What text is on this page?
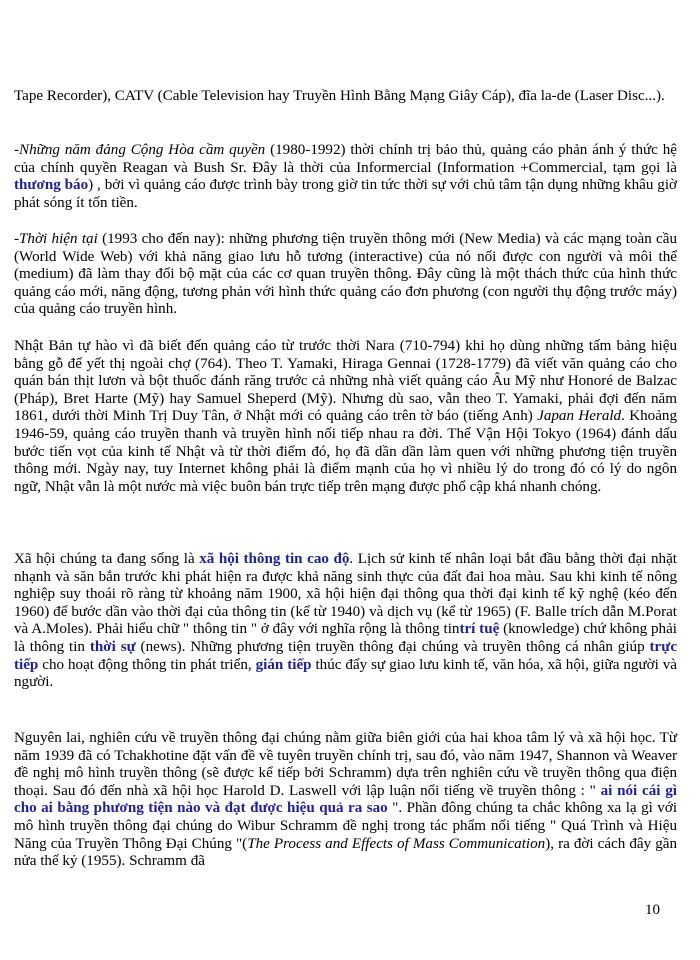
Tape Recorder), CATV (Cable Television hay Truyền Hình Bằng Mạng Giây Cáp), đĩa la-de (Laser Disc...).

-Những năm đảng Cộng Hòa cầm quyền (1980-1992) thời chính trị bảo thủ, quảng cáo phản ánh ý thức hệ của chính quyền Reagan và Bush Sr. Đây là thời của Informercial (Information +Commercial, tạm gọi là thương báo) , bởi vì quảng cáo được trình bày trong giờ tin tức thời sự với chủ tâm tận dụng những khâu giờ phát sóng ít tốn tiền.

-Thời hiện tại (1993 cho đến nay): những phương tiện truyền thông mới (New Media) và các mạng toàn cầu (World Wide Web) với khả năng giao lưu hỗ tương (interactive) của nó nối được con người và môi thể (medium) đã làm thay đổi bộ mặt của các cơ quan truyền thông. Đây cũng là một thách thức của hình thức quảng cáo mới, năng động, tương phản với hình thức quảng cáo đơn phương (con người thụ động trước máy) của quảng cáo truyền hình.

Nhật Bản tự hào vì đã biết đến quảng cáo từ trước thời Nara (710-794) khi họ dùng những tấm bảng hiệu bằng gỗ để yết thị ngoài chợ (764). Theo T. Yamaki, Hiraga Gennai (1728-1779) đã viết văn quảng cáo cho quán bán thịt lươn và bột thuốc đánh răng trước cả những nhà viết quảng cáo Âu Mỹ như Honoré de Balzac (Pháp), Bret Harte (Mỹ) hay Samuel Sheperd (Mỹ). Nhưng dù sao, vẫn theo T. Yamaki, phải đợi đến năm 1861, dưới thời Minh Trị Duy Tân, ở Nhật mới có quảng cáo trên tờ báo (tiếng Anh) Japan Herald. Khoảng 1946-59, quảng cáo truyền thanh và truyền hình nối tiếp nhau ra đời. Thế Vận Hội Tokyo (1964) đánh dấu bước tiến vọt của kinh tế Nhật và từ thời điểm đó, họ đã dần dần làm quen với những phương tiện truyền thông mới. Ngày nay, tuy Internet không phải là điểm mạnh của họ vì nhiều lý do trong đó có lý do ngôn ngữ, Nhật vẫn là một nước mà việc buôn bán trực tiếp trên mạng được phổ cập khá nhanh chóng.

Xã hội chúng ta đang sống là xã hội thông tin cao độ. Lịch sử kinh tế nhân loại bắt đầu bằng thời đại nhặt nhạnh và săn bắn trước khi phát hiện ra được khả năng sinh thực của đất đai hoa màu. Sau khi kinh tế nông nghiệp suy thoái rõ ràng từ khoảng năm 1900, xã hội hiện đại thông qua thời đại kinh tế kỹ nghệ (kéo đến 1960) để bước dần vào thời đại của thông tin (kể từ 1940) và dịch vụ (kể từ 1965) (F. Balle trích dẫn M.Porat và A.Moles). Phải hiểu chữ " thông tin " ở đây với nghĩa rộng là thông tintrí tuệ (knowledge) chứ không phải là thông tin thời sự (news). Những phương tiện truyền thông đại chúng và truyền thông cá nhân giúp trực tiếp cho hoạt động thông tin phát triển, gián tiếp thúc đẩy sự giao lưu kinh tế, văn hóa, xã hội, giữa người và người.

Nguyên lai, nghiên cứu về truyền thông đại chúng nằm giữa biên giới của hai khoa tâm lý và xã hội học. Từ năm 1939 đã có Tchakhotine đặt vấn đề về tuyên truyền chính trị, sau đó, vào năm 1947, Shannon và Weaver đề nghị mô hình truyền thông (sẽ được kể tiếp bởi Schramm) dựa trên nghiên cứu về truyền thông qua điện thoại. Sau đó đến nhà xã hội học Harold D. Laswell với lập luận nổi tiếng về truyền thông : " ai nói cái gì cho ai bằng phương tiện nào và đạt được hiệu quả ra sao ". Phần đông chúng ta chắc không xa lạ gì với mô hình truyền thông đại chúng do Wibur Schramm đề nghị trong tác phẩm nổi tiếng " Quá Trình và Hiệu Năng của Truyền Thông Đại Chúng "(The Process and Effects of Mass Communication), ra đời cách đây gần nửa thế kỷ (1955). Schramm đã

10
